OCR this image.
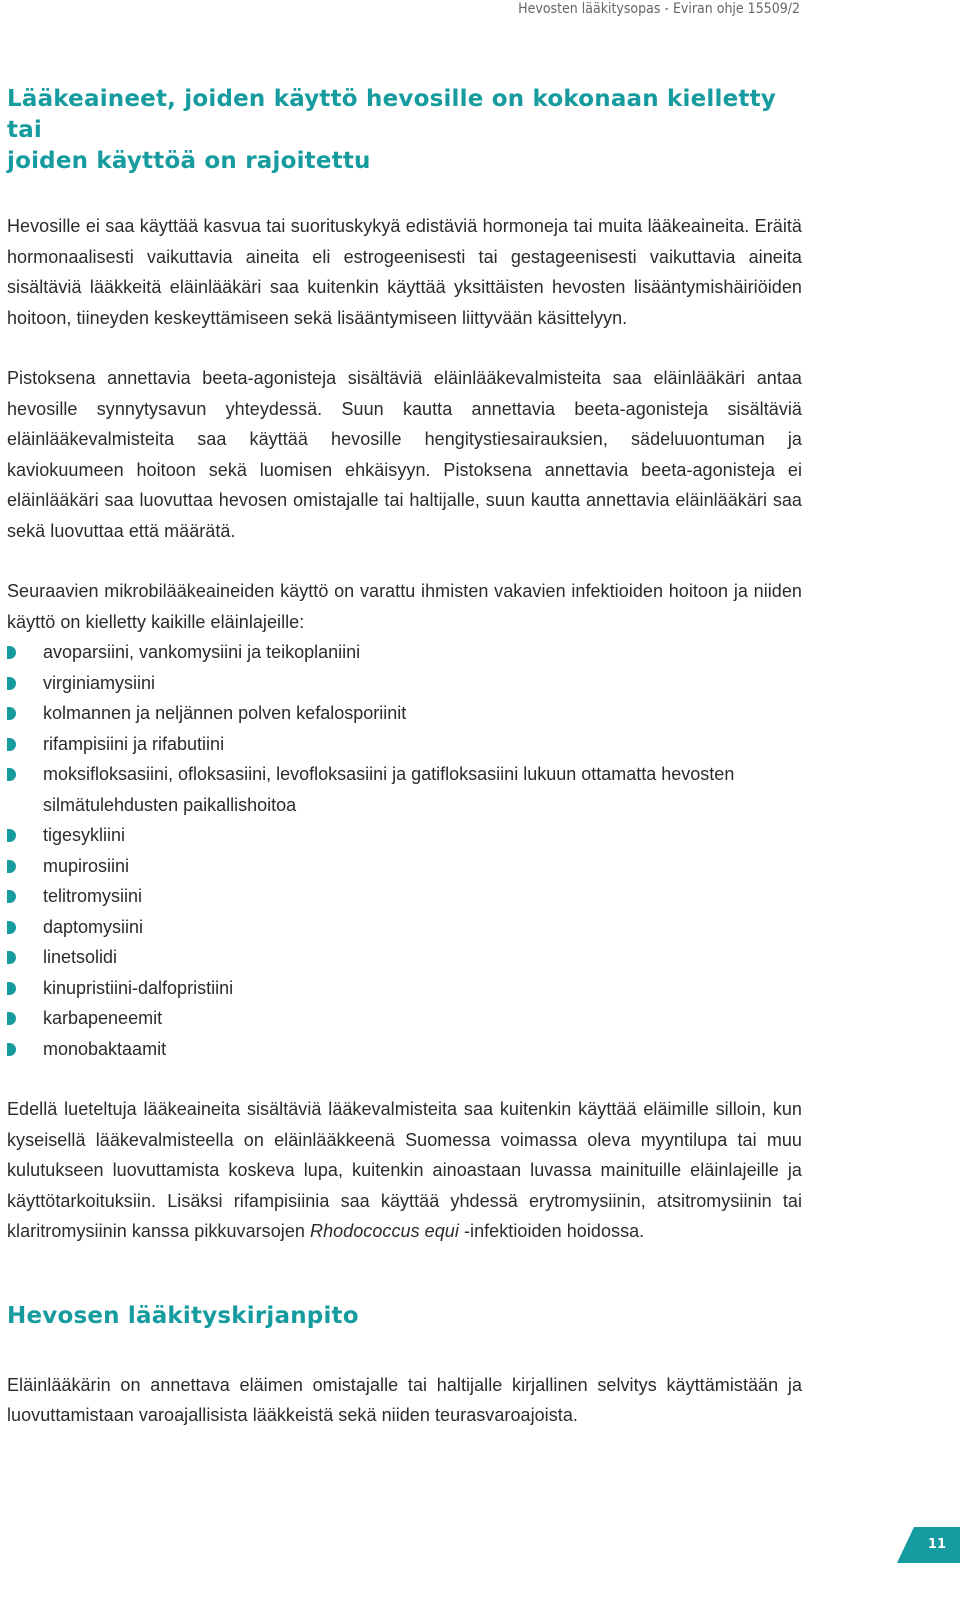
Hevosten lääkitysopas - Eviran ohje 15509/2
Lääkeaineet, joiden käyttö hevosille on kokonaan kielletty tai
joiden käyttöä on rajoitettu

Hevosille ei saa käyttää kasvua tai suorituskykyä edistäviä hormoneja tai muita lääkeaineita. Eräitä hormonaalisesti vaikuttavia aineita eli estrogeenisesti tai gestageenisesti vaikuttavia aineita sisältäviä lääkkeitä eläinlääkäri saa kuitenkin käyttää yksittäisten hevosten lisääntymishäiriöiden hoitoon, tiineyden keskeyttämiseen sekä lisääntymiseen liittyvään käsittelyyn.

Pistoksena annettavia beeta-agonisteja sisältäviä eläinlääkevalmisteita saa eläinlääkäri antaa hevosille synnytysavun yhteydessä. Suun kautta annettavia beeta-agonisteja sisältäviä eläinlääkevalmisteita saa käyttää hevosille hengitystiesairauksien, sädeluuontuman ja kaviokuumeen hoitoon sekä luomisen ehkäisyyn. Pistoksena annettavia beeta-agonisteja ei eläinlääkäri saa luovuttaa hevosen omistajalle tai haltijalle, suun kautta annettavia eläinlääkäri saa sekä luovuttaa että määrätä.

Seuraavien mikrobilääkeaineiden käyttö on varattu ihmisten vakavien infektioiden hoitoon ja niiden käyttö on kielletty kaikille eläinlajeille:

avoparsiini, vankomysiini ja teikoplaniini
virginiamysiini
kolmannen ja neljännen polven kefalosporiinit
rifampisiini ja rifabutiini
moksifloksasiini, ofloksasiini, levofloksasiini ja gatifloksasiini lukuun ottamatta hevosten silmätulehdusten paikallishoitoa
tigesykliini
mupirosiini
telitromysiini
daptomysiini
linetsolidi
kinupristiini-dalfopristiini
karbapeneemit
monobaktaamit

Edellä lueteltuja lääkeaineita sisältäviä lääkevalmisteita saa kuitenkin käyttää eläimille silloin, kun kyseisellä lääkevalmisteella on eläinlääkkeenä Suomessa voimassa oleva myyntilupa tai muu kulutukseen luovuttamista koskeva lupa, kuitenkin ainoastaan luvassa mainituille eläinlajeille ja käyttötarkoituksiin. Lisäksi rifampisiinia saa käyttää yhdessä erytromysiinin, atsitromysiinin tai klaritromysiinin kanssa pikkuvarsojen Rhodococcus equi -infektioiden hoidossa.

Hevosen lääkityskirjanpito

Eläinlääkärin on annettava eläimen omistajalle tai haltijalle kirjallinen selvitys käyttämistään ja luovuttamistaan varoajallisista lääkkeistä sekä niiden teurasvaroajoista.

11
